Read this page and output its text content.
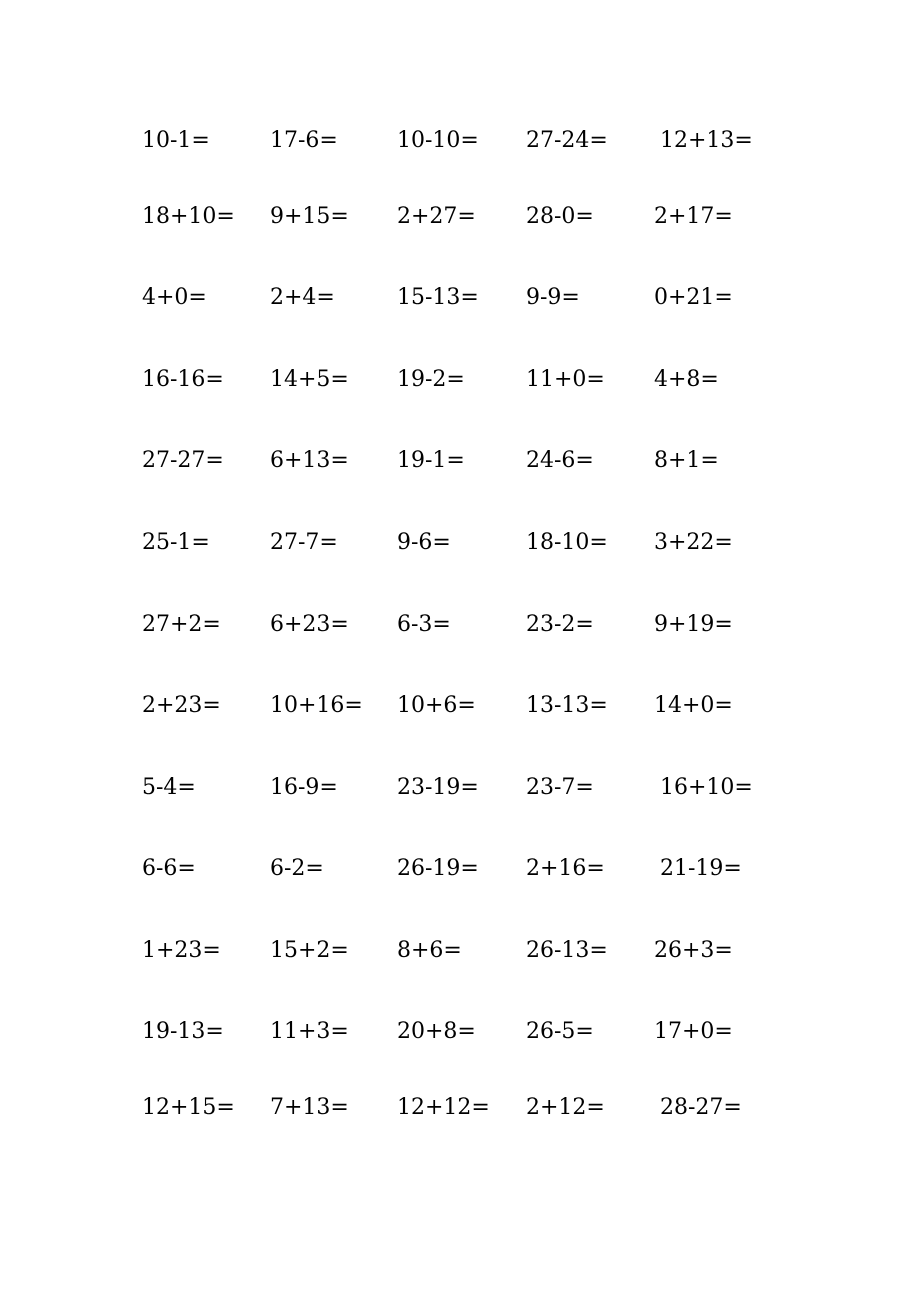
10-1=	17-6=	10-10= 27-24= 12+13=
18+10= 9+15= 2+27= 28-0=	2+17=
4+0=	2+4=	15-13= 9-9=	0+21=
16-16= 14+5= 19-2=	11+0= 4+8=
27-27= 6+13= 19-1=	24-6=	8+1=
25-1=	27-7=	9-6=	18-10= 3+22=
27+2= 6+23= 6-3=	23-2=	9+19=
2+23= 10+16= 10+6= 13-13= 14+0=
5-4=	16-9=	23-19= 23-7=	16+10=
6-6=	6-2=	26-19= 2+16=	21-19=
1+23= 15+2= 8+6=	26-13= 26+3=
19-13= 11+3= 20+8= 26-5=	17+0=
12+15= 7+13= 12+12= 2+12=	28-27=
